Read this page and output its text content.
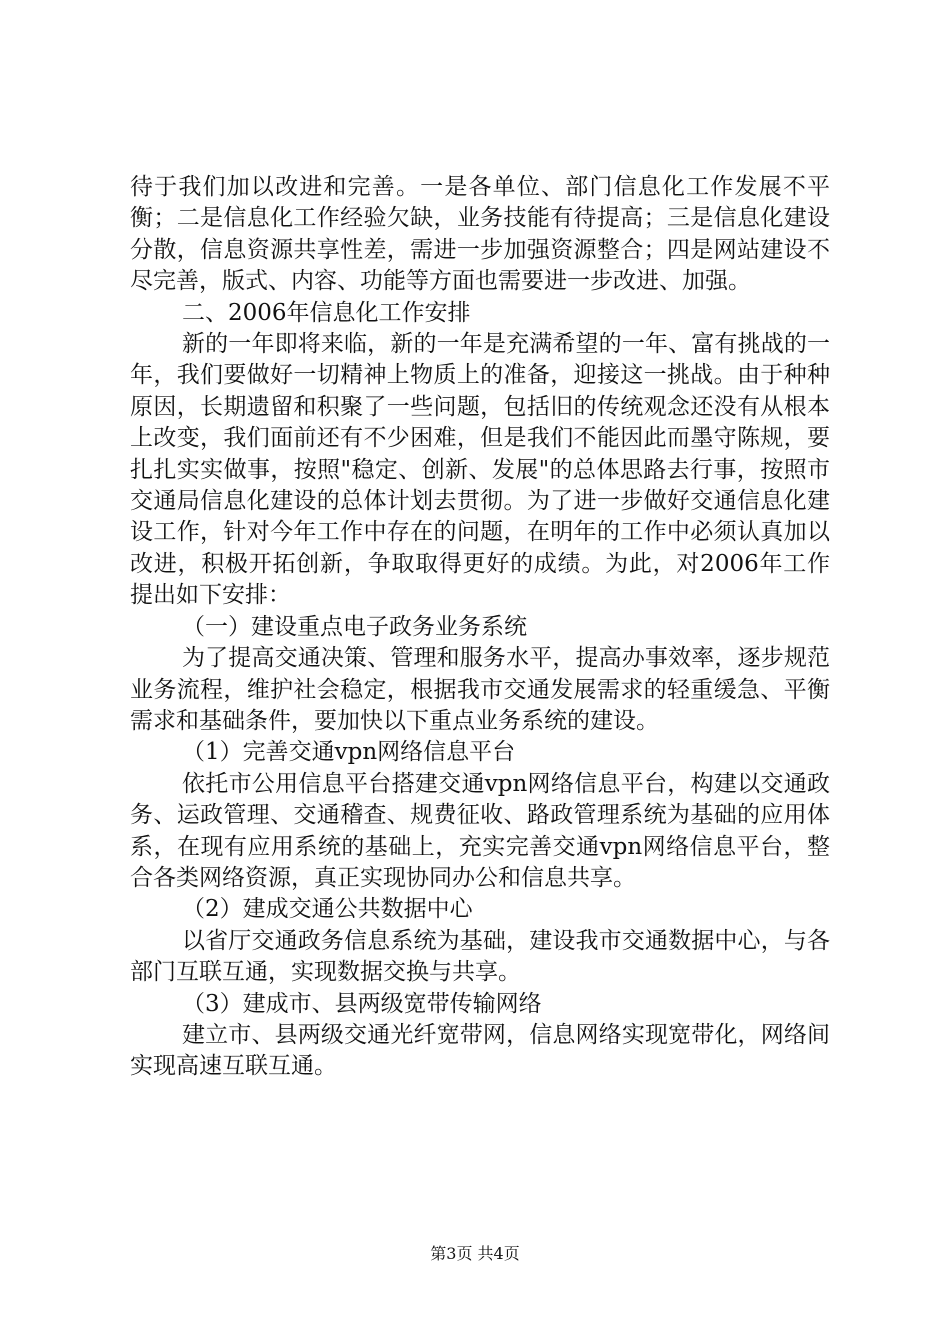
待于我们加以改进和完善。一是各单位、部门信息化工作发展不平衡；二是信息化工作经验欠缺，业务技能有待提高；三是信息化建设分散，信息资源共享性差，需进一步加强资源整合；四是网站建设不尽完善，版式、内容、功能等方面也需要进一步改进、加强。

二、2006年信息化工作安排

新的一年即将来临，新的一年是充满希望的一年、富有挑战的一年，我们要做好一切精神上物质上的准备，迎接这一挑战。由于种种原因，长期遗留和积聚了一些问题，包括旧的传统观念还没有从根本上改变，我们面前还有不少困难，但是我们不能因此而墨守陈规，要扎扎实实做事，按照"稳定、创新、发展"的总体思路去行事，按照市交通局信息化建设的总体计划去贯彻。为了进一步做好交通信息化建设工作，针对今年工作中存在的问题，在明年的工作中必须认真加以改进，积极开拓创新，争取取得更好的成绩。为此，对2006年工作提出如下安排：

（一）建设重点电子政务业务系统

为了提高交通决策、管理和服务水平，提高办事效率，逐步规范业务流程，维护社会稳定，根据我市交通发展需求的轻重缓急、平衡需求和基础条件，要加快以下重点业务系统的建设。

（1）完善交通vpn网络信息平台

依托市公用信息平台搭建交通vpn网络信息平台，构建以交通政务、运政管理、交通稽查、规费征收、路政管理系统为基础的应用体系，在现有应用系统的基础上，充实完善交通vpn网络信息平台，整合各类网络资源，真正实现协同办公和信息共享。

（2）建成交通公共数据中心

以省厅交通政务信息系统为基础，建设我市交通数据中心，与各部门互联互通，实现数据交换与共享。

（3）建成市、县两级宽带传输网络

建立市、县两级交通光纤宽带网，信息网络实现宽带化，网络间实现高速互联互通。

第3页 共4页
